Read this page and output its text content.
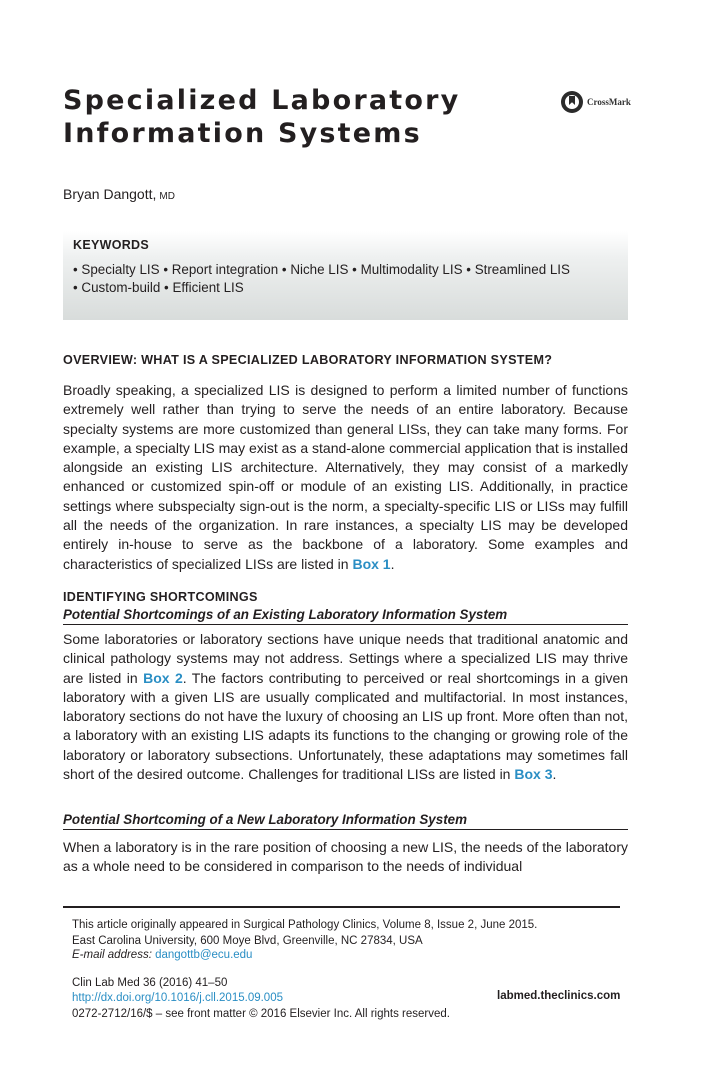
Specialized Laboratory
Information Systems
CrossMark
Bryan Dangott, MD
KEYWORDS
• Specialty LIS • Report integration • Niche LIS • Multimodality LIS • Streamlined LIS
• Custom-build • Efficient LIS
OVERVIEW: WHAT IS A SPECIALIZED LABORATORY INFORMATION SYSTEM?
Broadly speaking, a specialized LIS is designed to perform a limited number of functions extremely well rather than trying to serve the needs of an entire laboratory. Because specialty systems are more customized than general LISs, they can take many forms. For example, a specialty LIS may exist as a stand-alone commercial application that is installed alongside an existing LIS architecture. Alternatively, they may consist of a markedly enhanced or customized spin-off or module of an existing LIS. Additionally, in practice settings where subspecialty sign-out is the norm, a specialty-specific LIS or LISs may fulfill all the needs of the organization. In rare instances, a specialty LIS may be developed entirely in-house to serve as the backbone of a laboratory. Some examples and characteristics of specialized LISs are listed in Box 1.
IDENTIFYING SHORTCOMINGS
Potential Shortcomings of an Existing Laboratory Information System
Some laboratories or laboratory sections have unique needs that traditional anatomic and clinical pathology systems may not address. Settings where a specialized LIS may thrive are listed in Box 2. The factors contributing to perceived or real shortcomings in a given laboratory with a given LIS are usually complicated and multifactorial. In most instances, laboratory sections do not have the luxury of choosing an LIS up front. More often than not, a laboratory with an existing LIS adapts its functions to the changing or growing role of the laboratory or laboratory subsections. Unfortunately, these adaptations may sometimes fall short of the desired outcome. Challenges for traditional LISs are listed in Box 3.
Potential Shortcoming of a New Laboratory Information System
When a laboratory is in the rare position of choosing a new LIS, the needs of the laboratory as a whole need to be considered in comparison to the needs of individual
This article originally appeared in Surgical Pathology Clinics, Volume 8, Issue 2, June 2015.
East Carolina University, 600 Moye Blvd, Greenville, NC 27834, USA
E-mail address: dangottb@ecu.edu
Clin Lab Med 36 (2016) 41–50
http://dx.doi.org/10.1016/j.cll.2015.09.005
0272-2712/16/$ – see front matter © 2016 Elsevier Inc. All rights reserved.
labmed.theclinics.com
